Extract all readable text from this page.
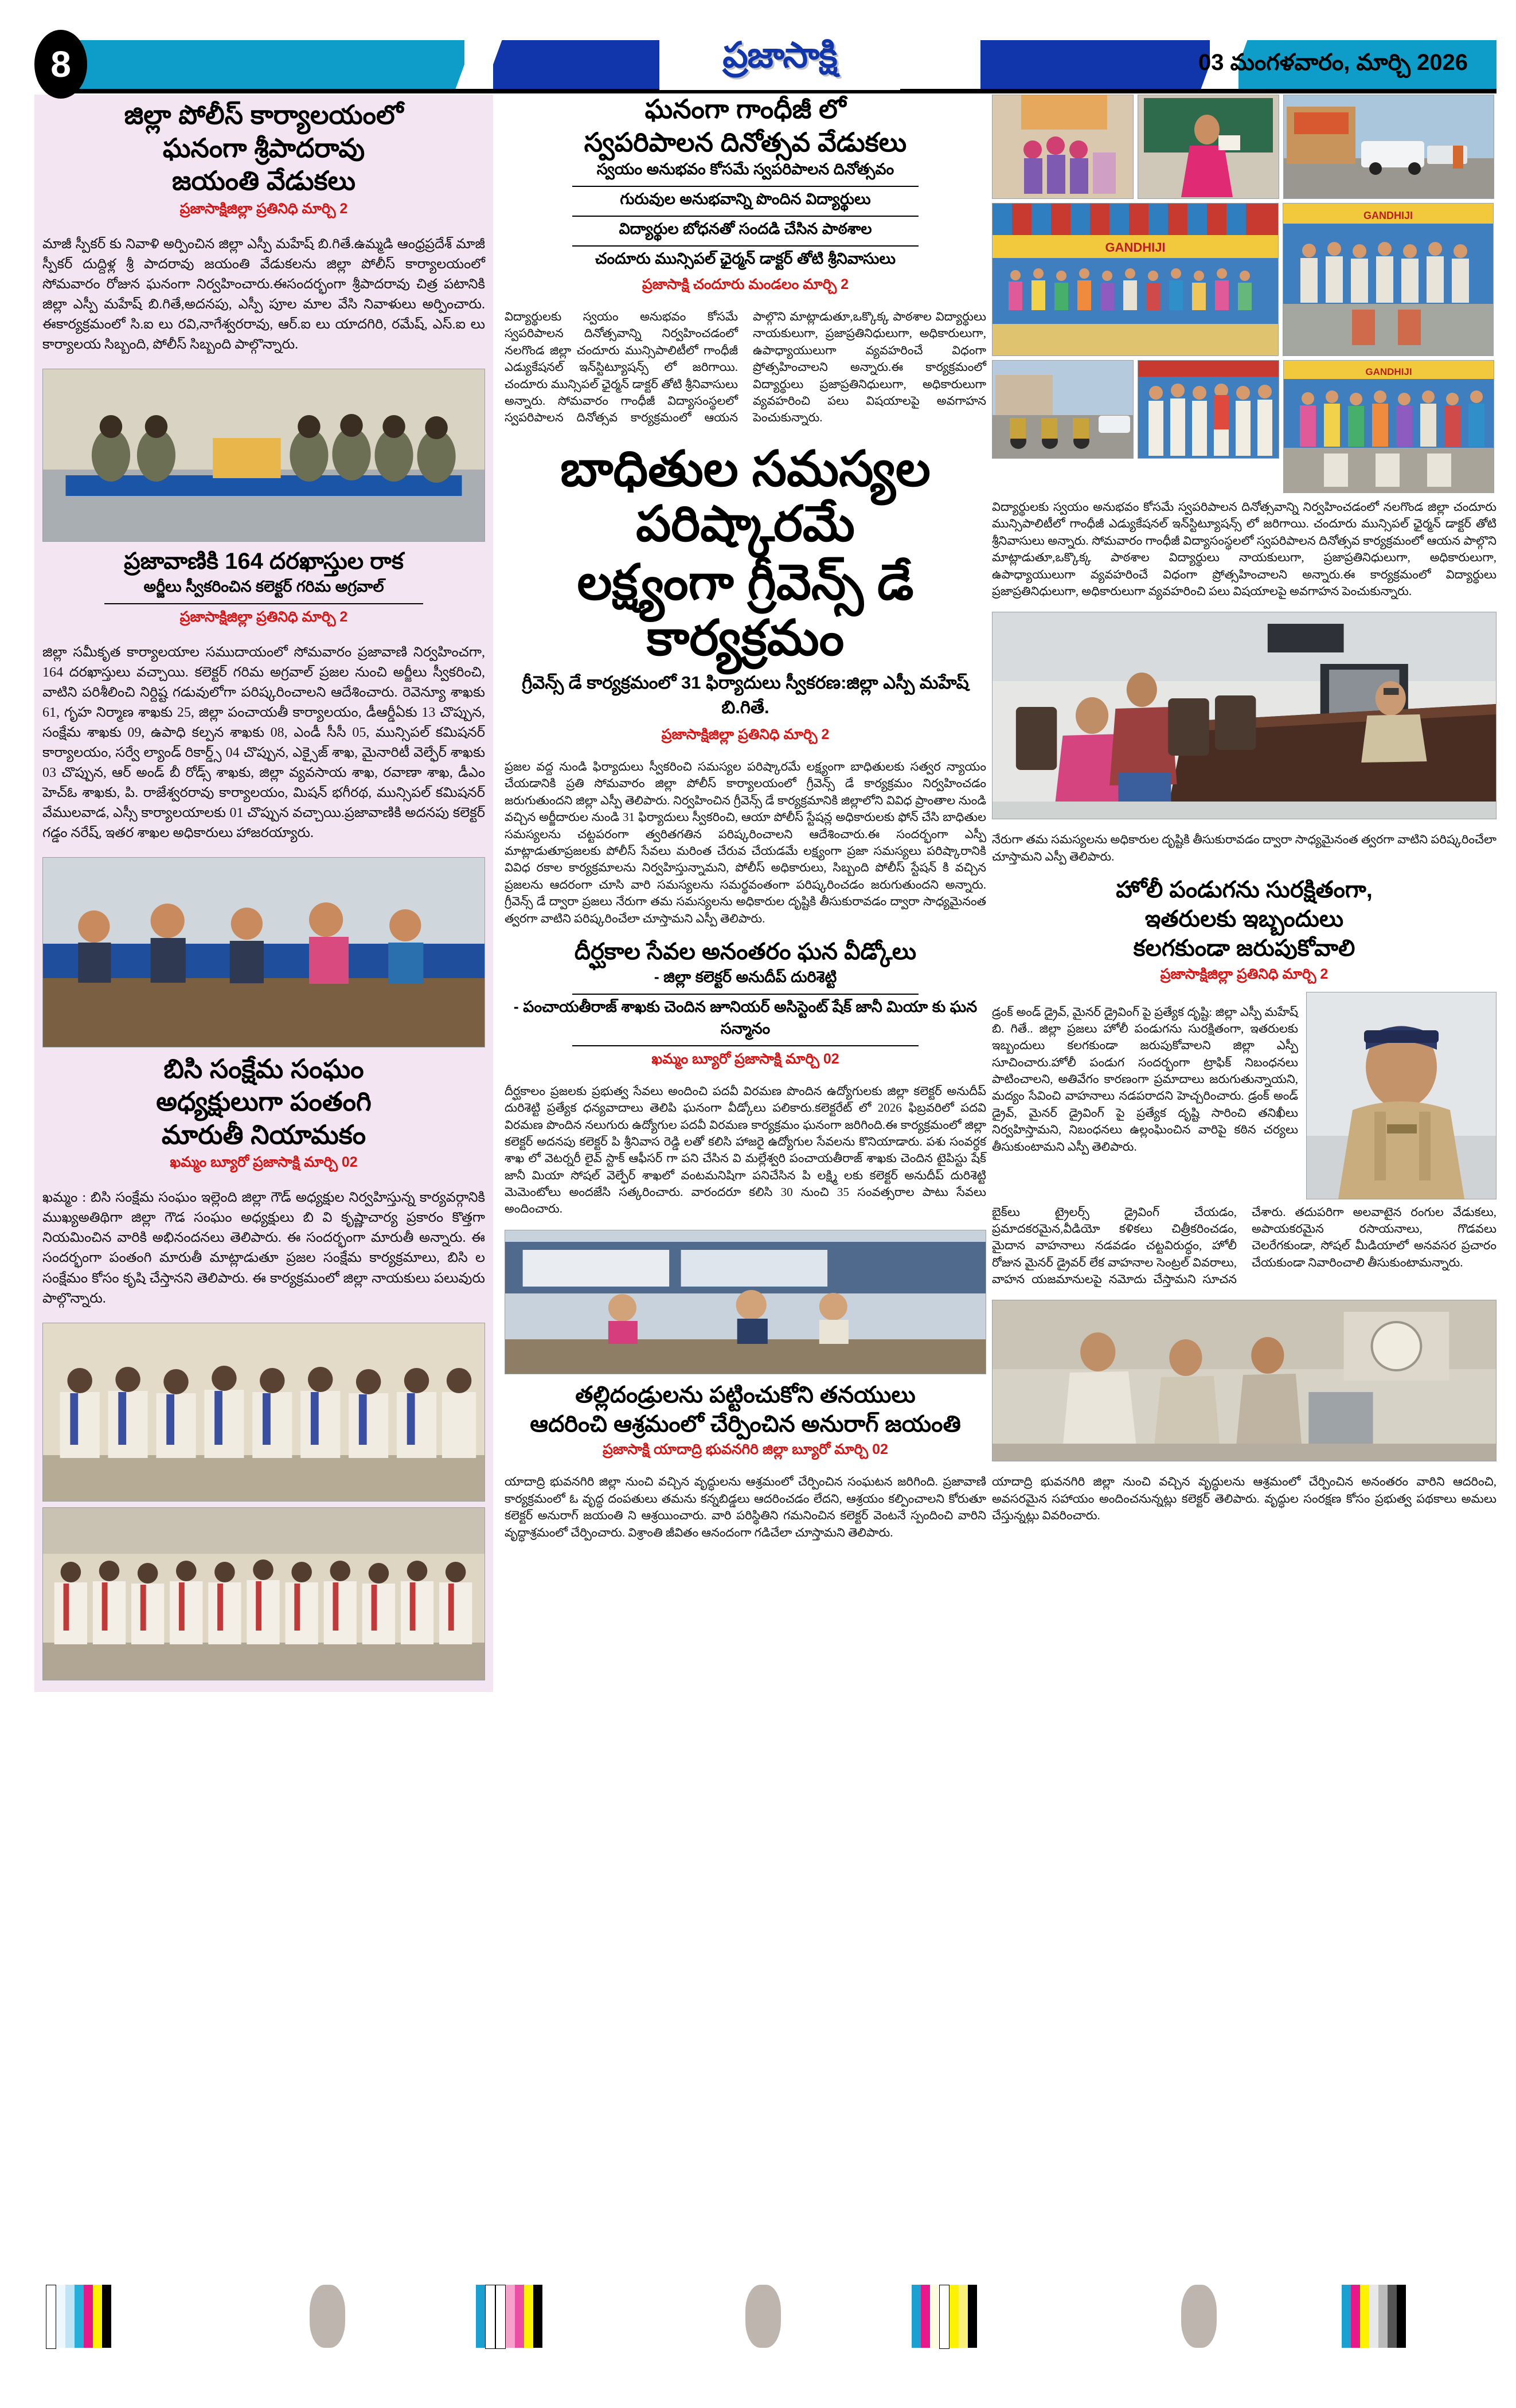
8	ప్రజాసాక్షి	03 మంగళవారం, మార్చి 2026
జిల్లా పోలీస్ కార్యాలయంలో
ఘనంగా శ్రీపాదరావు
జయంతి వేడుకలు
ప్రజాసాక్షిజిల్లా ప్రతినిధి మార్చి 2

మాజీ స్పీకర్ కు నివాళి అర్పించిన జిల్లా ఎస్పీ మహేష్ బి.గితే.ఉమ్మడి ఆంధ్రప్రదేశ్ మాజీ స్పీకర్ దుద్దిళ్ల శ్రీ పాదరావు జయంతి వేడుకలను జిల్లా పోలీస్ కార్యాలయంలో సోమవారం రోజున ఘనంగా నిర్వహించారు.ఈసందర్భంగా శ్రీపాదరావు చిత్ర పటానికి జిల్లా ఎస్పీ మహేష్ బి.గితే,అదనపు, ఎస్పీ పూల మాల వేసి నివాళులు అర్పించారు. ఈకార్యక్రమంలో సి.ఐ లు రవి,నాగేశ్వరరావు, ఆర్.ఐ లు యాదగిరి, రమేష్, ఎస్.ఐ లు కార్యాలయ సిబ్బంది, పోలీస్ సిబ్బంది పాల్గొన్నారు.

ప్రజావాణికి 164 దరఖాస్తుల రాక
అర్జీలు స్వీకరించిన కలెక్టర్ గరిమ అగ్రవాల్
ప్రజాసాక్షిజిల్లా ప్రతినిధి మార్చి 2

జిల్లా సమీకృత కార్యాలయాల సముదాయంలో సోమవారం ప్రజావాణి నిర్వహించగా, 164 దరఖాస్తులు వచ్చాయి. కలెక్టర్ గరిమ అగ్రవాల్ ప్రజల నుంచి అర్జీలు స్వీకరించి, వాటిని పరిశీలించి నిర్దిష్ట గడువులోగా పరిష్కరించాలని ఆదేశించారు. రెవెన్యూ శాఖకు 61, గృహ నిర్మాణ శాఖకు 25, జిల్లా పంచాయతీ కార్యాలయం, డీఆర్డీఏకు 13 చొప్పున, సంక్షేమ శాఖకు 09, ఉపాధి కల్పన శాఖకు 08, ఎండీ సీసీ 05, మున్సిపల్ కమిషనర్ కార్యాలయం, సర్వే ల్యాండ్ రికార్డ్స్ 04 చొప్పున, ఎక్సైజ్ శాఖ, మైనారిటీ వెల్ఫేర్ శాఖకు 03 చొప్పున, ఆర్ అండ్ బీ రోడ్స్ శాఖకు, జిల్లా వ్యవసాయ శాఖ, రవాణా శాఖ, డీఎం హెచ్ఓ శాఖకు, పి. రాజేశ్వరరావు కార్యాలయం, మిషన్ భగీరథ, మున్సిపల్ కమిషనర్ వేములవాడ, ఎస్సీ కార్యాలయాలకు 01 చొప్పున వచ్చాయి.ప్రజావాణికి అదనపు కలెక్టర్ గడ్డం నరేష్, ఇతర శాఖల అధికారులు హాజరయ్యారు.

బిసి సంక్షేమ సంఘం
అధ్యక్షులుగా పంతంగి
మారుతీ నియామకం
ఖమ్మం బ్యూరో ప్రజాసాక్షి మార్చి 02

ఖమ్మం : బిసి సంక్షేమ సంఘం ఇల్లెంది జిల్లా గౌడ్ అధ్యక్షుల నిర్వహిస్తున్న కార్యవర్గానికి ముఖ్యఅతిథిగా జిల్లా గౌడ సంఘం అధ్యక్షులు బి వి కృష్ణాచార్య ప్రకారం కొత్తగా నియమించిన వారికి అభినందనలు తెలిపారు. ఈ సందర్భంగా మారుతీ అన్నారు. ఈ సందర్భంగా పంతంగి మారుతీ మాట్లాడుతూ ప్రజల సంక్షేమ కార్యక్రమాలు, బిసి ల సంక్షేమం కోసం కృషి చేస్తానని తెలిపారు. ఈ కార్యక్రమంలో జిల్లా నాయకులు పలువురు పాల్గొన్నారు.

ఘనంగా గాంధీజీ లో
స్వపరిపాలన దినోత్సవ వేడుకలు
స్వయం అనుభవం కోసమే స్వపరిపాలన దినోత్సవం
గురువుల అనుభవాన్ని పొందిన విద్యార్థులు
విద్యార్థుల బోధనతో సందడి చేసిన పాఠశాల
చందూరు మున్సిపల్ ఛైర్మన్ డాక్టర్ తోటి శ్రీనివాసులు
ప్రజాసాక్షి చందూరు మండలం మార్చి 2

విద్యార్థులకు స్వయం అనుభవం కోసమే స్వపరిపాలన దినోత్సవాన్ని నిర్వహించడంలో నలగొండ జిల్లా చందూరు మున్సిపాలిటీలో గాంధీజీ ఎడ్యుకేషనల్ ఇన్‌స్టిట్యూషన్స్ లో జరిగాయి. చందూరు మున్సిపల్ ఛైర్మన్ డాక్టర్ తోటి శ్రీనివాసులు అన్నారు. సోమవారం గాంధీజీ విద్యాసంస్థలలో స్వపరిపాలన దినోత్సవ కార్యక్రమంలో ఆయన పాల్గొని మాట్లాడుతూ,ఒక్కొక్క పాఠశాల విద్యార్థులు నాయకులుగా, ప్రజాప్రతినిధులుగా, అధికారులుగా, ఉపాధ్యాయులుగా వ్యవహరించే విధంగా ప్రోత్సహించాలని అన్నారు.ఈ కార్యక్రమంలో విద్యార్థులు ప్రజాప్రతినిధులుగా, అధికారులుగా వ్యవహరించి పలు విషయాలపై అవగాహన పెంచుకున్నారు.

బాధితుల సమస్యల పరిష్కారమే
లక్ష్యంగా గ్రీవెన్స్ డే కార్యక్రమం
గ్రీవెన్స్ డే కార్యక్రమంలో 31 ఫిర్యాదులు స్వీకరణ:జిల్లా ఎస్పీ మహేష్ బి.గితే.
ప్రజాసాక్షిజిల్లా ప్రతినిధి మార్చి 2

ప్రజల వద్ద నుండి ఫిర్యాదులు స్వీకరించి సమస్యల పరిష్కారమే లక్ష్యంగా బాధితులకు సత్వర న్యాయం చేయడానికి ప్రతి సోమవారం జిల్లా పోలీస్ కార్యాలయంలో గ్రీవెన్స్ డే కార్యక్రమం నిర్వహించడం జరుగుతుందని జిల్లా ఎస్పీ తెలిపారు. నిర్వహించిన గ్రీవెన్స్ డే కార్యక్రమానికి జిల్లాలోని వివిధ ప్రాంతాల నుండి వచ్చిన అర్జీదారుల నుండి 31 ఫిర్యాదులు స్వీకరించి, ఆయా పోలీస్ స్టేషన్ల అధికారులకు ఫోన్ చేసి బాధితుల సమస్యలను చట్టపరంగా త్వరితగతిన పరిష్కరించాలని ఆదేశించారు.ఈ సందర్భంగా ఎస్పీ మాట్లాడుతూప్రజలకు పోలీస్ సేవలు మరింత చేరువ చేయడమే లక్ష్యంగా ప్రజా సమస్యలు పరిష్కారానికి వివిధ రకాల కార్యక్రమాలను నిర్వహిస్తున్నామని, పోలీస్ అధికారులు, సిబ్బంది పోలీస్ స్టేషన్ కి వచ్చిన ప్రజలను ఆదరంగా చూసి వారి సమస్యలను సమర్థవంతంగా పరిష్కరించడం జరుగుతుందని అన్నారు. గ్రీవెన్స్ డే ద్వారా ప్రజలు నేరుగా తమ సమస్యలను అధికారుల దృష్టికి తీసుకురావడం ద్వారా సాధ్యమైనంత త్వరగా వాటిని పరిష్కరించేలా చూస్తామని ఎస్పీ తెలిపారు.

దీర్ఘకాల సేవల అనంతరం ఘన వీడ్కోలు
- జిల్లా కలెక్టర్ అనుదీప్ దురిశెట్టి
- పంచాయతీరాజ్ శాఖకు చెందిన జూనియర్ అసిస్టెంట్ షేక్ జానీ మియా కు ఘన సన్మానం
ఖమ్మం బ్యూరో ప్రజాసాక్షి మార్చి 02

దీర్ఘకాలం ప్రజలకు ప్రభుత్వ సేవలు అందించి పదవీ విరమణ పొందిన ఉద్యోగులకు జిల్లా కలెక్టర్ అనుదీప్ దురిశెట్టి ప్రత్యేక ధన్యవాదాలు తెలిపి ఘనంగా వీడ్కోలు పలికారు.కలెక్టరేట్ లో 2026 ఫిబ్రవరిలో పదవి విరమణ పొందిన నలుగురు ఉద్యోగుల పదవీ విరమణ కార్యక్రమం ఘనంగా జరిగింది.ఈ కార్యక్రమంలో జిల్లా కలెక్టర్ అదనపు కలెక్టర్ పి శ్రీనివాస రెడ్డి లతో కలిసి హాజరై ఉద్యోగుల సేవలను కొనియాడారు. పశు సంవర్ధక శాఖ లో వెటర్నరీ లైవ్ స్టాక్ ఆఫీసర్ గా పని చేసిన వి మల్లేశ్వరి పంచాయతీరాజ్ శాఖకు చెందిన టైపిస్టు షేక్ జానీ మియా సోషల్ వెల్ఫేర్ శాఖలో వంటమనిషిగా పనిచేసిన పి లక్ష్మి లకు కలెక్టర్ అనుదీప్ దురిశెట్టి మెమెంటోలు అందజేసి సత్కరించారు. వారందరూ కలిసి 30 నుంచి 35 సంవత్సరాల పాటు సేవలు అందించారు.

తల్లిదండ్రులను పట్టించుకోని తనయులు
ఆదరించి ఆశ్రమంలో చేర్పించిన అనురాగ్ జయంతి
ప్రజాసాక్షి యాదాద్రి భువనగిరి జిల్లా బ్యూరో మార్చి 02

యాదాద్రి భువనగిరి జిల్లా నుంచి వచ్చిన వృద్ధులను ఆశ్రమంలో చేర్పించిన సంఘటన జరిగింది. ప్రజావాణి కార్యక్రమంలో ఓ వృద్ధ దంపతులు తమను కన్నబిడ్డలు ఆదరించడం లేదని, ఆశ్రయం కల్పించాలని కోరుతూ కలెక్టర్ అనురాగ్ జయంతి ని ఆశ్రయించారు. వారి పరిస్థితిని గమనించిన కలెక్టర్ వెంటనే స్పందించి వారిని వృద్ధాశ్రమంలో చేర్పించారు. విశ్రాంతి జీవితం ఆనందంగా గడిచేలా చూస్తామని తెలిపారు.

GANDHIJI
GANDHIJI
GANDHIJI

విద్యార్థులకు స్వయం అనుభవం కోసమే స్వపరిపాలన దినోత్సవాన్ని నిర్వహించడంలో నలగొండ జిల్లా చందూరు మున్సిపాలిటీలో గాంధీజీ ఎడ్యుకేషనల్ ఇన్‌స్టిట్యూషన్స్ లో జరిగాయి. చందూరు మున్సిపల్ ఛైర్మన్ డాక్టర్ తోటి శ్రీనివాసులు అన్నారు. సోమవారం గాంధీజీ విద్యాసంస్థలలో స్వపరిపాలన దినోత్సవ కార్యక్రమంలో ఆయన పాల్గొని మాట్లాడుతూ,ఒక్కొక్క పాఠశాల విద్యార్థులు నాయకులుగా, ప్రజాప్రతినిధులుగా, అధికారులుగా, ఉపాధ్యాయులుగా వ్యవహరించే విధంగా ప్రోత్సహించాలని అన్నారు.ఈ కార్యక్రమంలో విద్యార్థులు ప్రజాప్రతినిధులుగా, అధికారులుగా వ్యవహరించి పలు విషయాలపై అవగాహన పెంచుకున్నారు.

నేరుగా తమ సమస్యలను అధికారుల దృష్టికి తీసుకురావడం ద్వారా సాధ్యమైనంత త్వరగా వాటిని పరిష్కరించేలా చూస్తామని ఎస్పీ తెలిపారు.

హోలీ పండుగను సురక్షితంగా,
ఇతరులకు ఇబ్బందులు
కలగకుండా జరుపుకోవాలి
ప్రజాసాక్షిజిల్లా ప్రతినిధి మార్చి 2

డ్రంక్ అండ్ డ్రైవ్, మైనర్ డ్రైవింగ్ పై ప్రత్యేక దృష్టి: జిల్లా ఎస్పీ మహేష్ బి. గితే.. జిల్లా ప్రజలు హోలీ పండుగను సురక్షితంగా, ఇతరులకు ఇబ్బందులు కలగకుండా జరుపుకోవాలని జిల్లా ఎస్పీ సూచించారు.హోలీ పండుగ సందర్భంగా ట్రాఫిక్ నిబంధనలు పాటించాలని, అతివేగం కారణంగా ప్రమాదాలు జరుగుతున్నాయని, మద్యం సేవించి వాహనాలు నడపరాదని హెచ్చరించారు. డ్రంక్ అండ్ డ్రైవ్, మైనర్ డ్రైవింగ్ పై ప్రత్యేక దృష్టి సారించి తనిఖీలు నిర్వహిస్తామని, నిబంధనలు ఉల్లంఘించిన వారిపై కఠిన చర్యలు తీసుకుంటామని ఎస్పీ తెలిపారు.

బైక్‌లు ట్రైలర్స్ డ్రైవింగ్ చేయడం, ప్రమాదకరమైన,వీడియో కళికలు చిత్రీకరించడం, మైదాన వాహనాలు నడవడం చట్టవిరుద్ధం, హోలీ రోజున మైనర్ డ్రైవర్ లేక వాహనాల సెంట్రల్ వివరాలు, వాహన యజమానులపై నమోదు చేస్తామని సూచన చేశారు. తదుపరిగా అలవాటైన రంగుల వేడుకలు, అపాయకరమైన రసాయనాలు, గొడవలు చెలరేగకుండా, సోషల్ మీడియాలో అనవసర ప్రచారం చేయకుండా నివారించాలి తీసుకుంటామన్నారు.

యాదాద్రి భువనగిరి జిల్లా నుంచి వచ్చిన వృద్ధులను ఆశ్రమంలో చేర్పించిన అనంతరం వారిని ఆదరించి, అవసరమైన సహాయం అందించనున్నట్లు కలెక్టర్ తెలిపారు. వృద్ధుల సంరక్షణ కోసం ప్రభుత్వ పథకాలు అమలు చేస్తున్నట్లు వివరించారు.
